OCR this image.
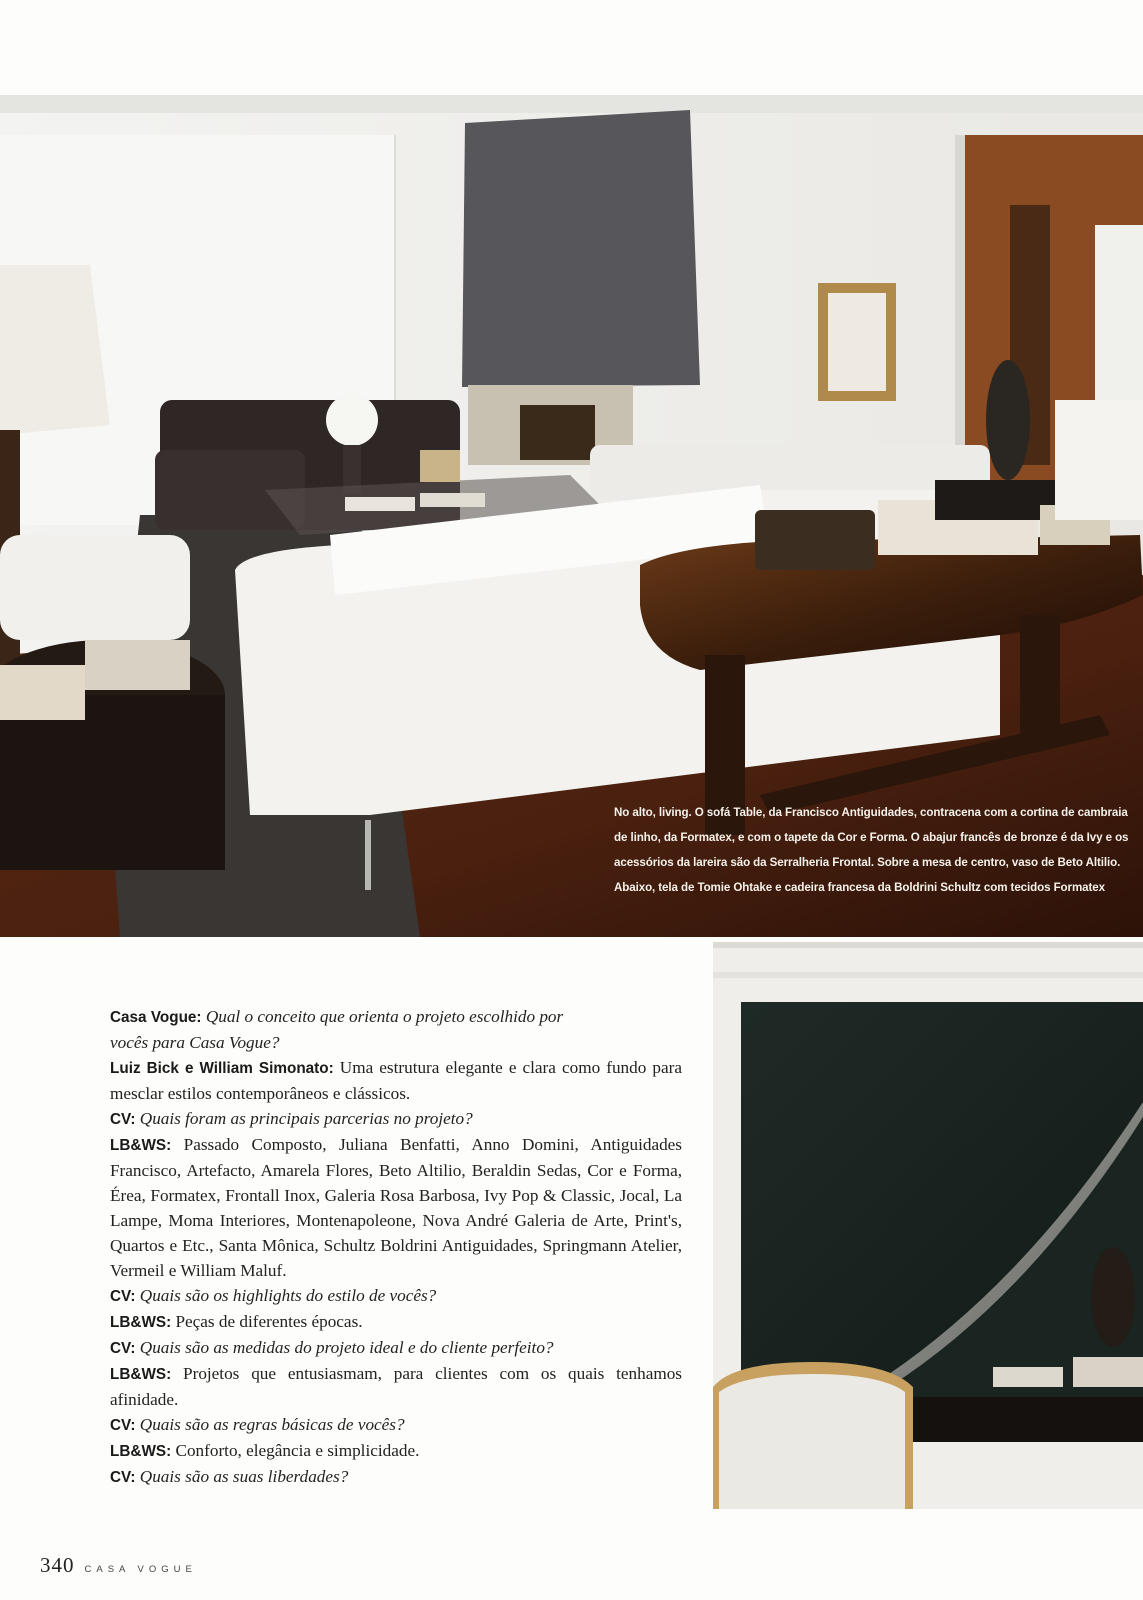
No alto, living. O sofá Table, da Francisco Antiguidades, contracena com a cortina de cambraia de linho, da Formatex, e com o tapete da Cor e Forma. O abajur francês de bronze é da Ivy e os acessórios da lareira são da Serralheria Frontal. Sobre a mesa de centro, vaso de Beto Altilio. Abaixo, tela de Tomie Ohtake e cadeira francesa da Boldrini Schultz com tecidos Formatex

Casa Vogue: Qual o conceito que orienta o projeto escolhido por vocês para Casa Vogue?

Luiz Bick e William Simonato: Uma estrutura elegante e clara como fundo para mesclar estilos contemporâneos e clássicos.

CV: Quais foram as principais parcerias no projeto?

LB&WS: Passado Composto, Juliana Benfatti, Anno Domini, Antiguidades Francisco, Artefacto, Amarela Flores, Beto Altilio, Beraldin Sedas, Cor e Forma, Érea, Formatex, Frontall Inox, Galeria Rosa Barbosa, Ivy Pop & Classic, Jocal, La Lampe, Moma Interiores, Montenapoleone, Nova André Galeria de Arte, Print's, Quartos e Etc., Santa Mônica, Schultz Boldrini Antiguidades, Springmann Atelier, Vermeil e William Maluf.

CV: Quais são os highlights do estilo de vocês?

LB&WS: Peças de diferentes épocas.

CV: Quais são as medidas do projeto ideal e do cliente perfeito?

LB&WS: Projetos que entusiasmam, para clientes com os quais tenhamos afinidade.

CV: Quais são as regras básicas de vocês?

LB&WS: Conforto, elegância e simplicidade.

CV: Quais são as suas liberdades?

340 CASA VOGUE
